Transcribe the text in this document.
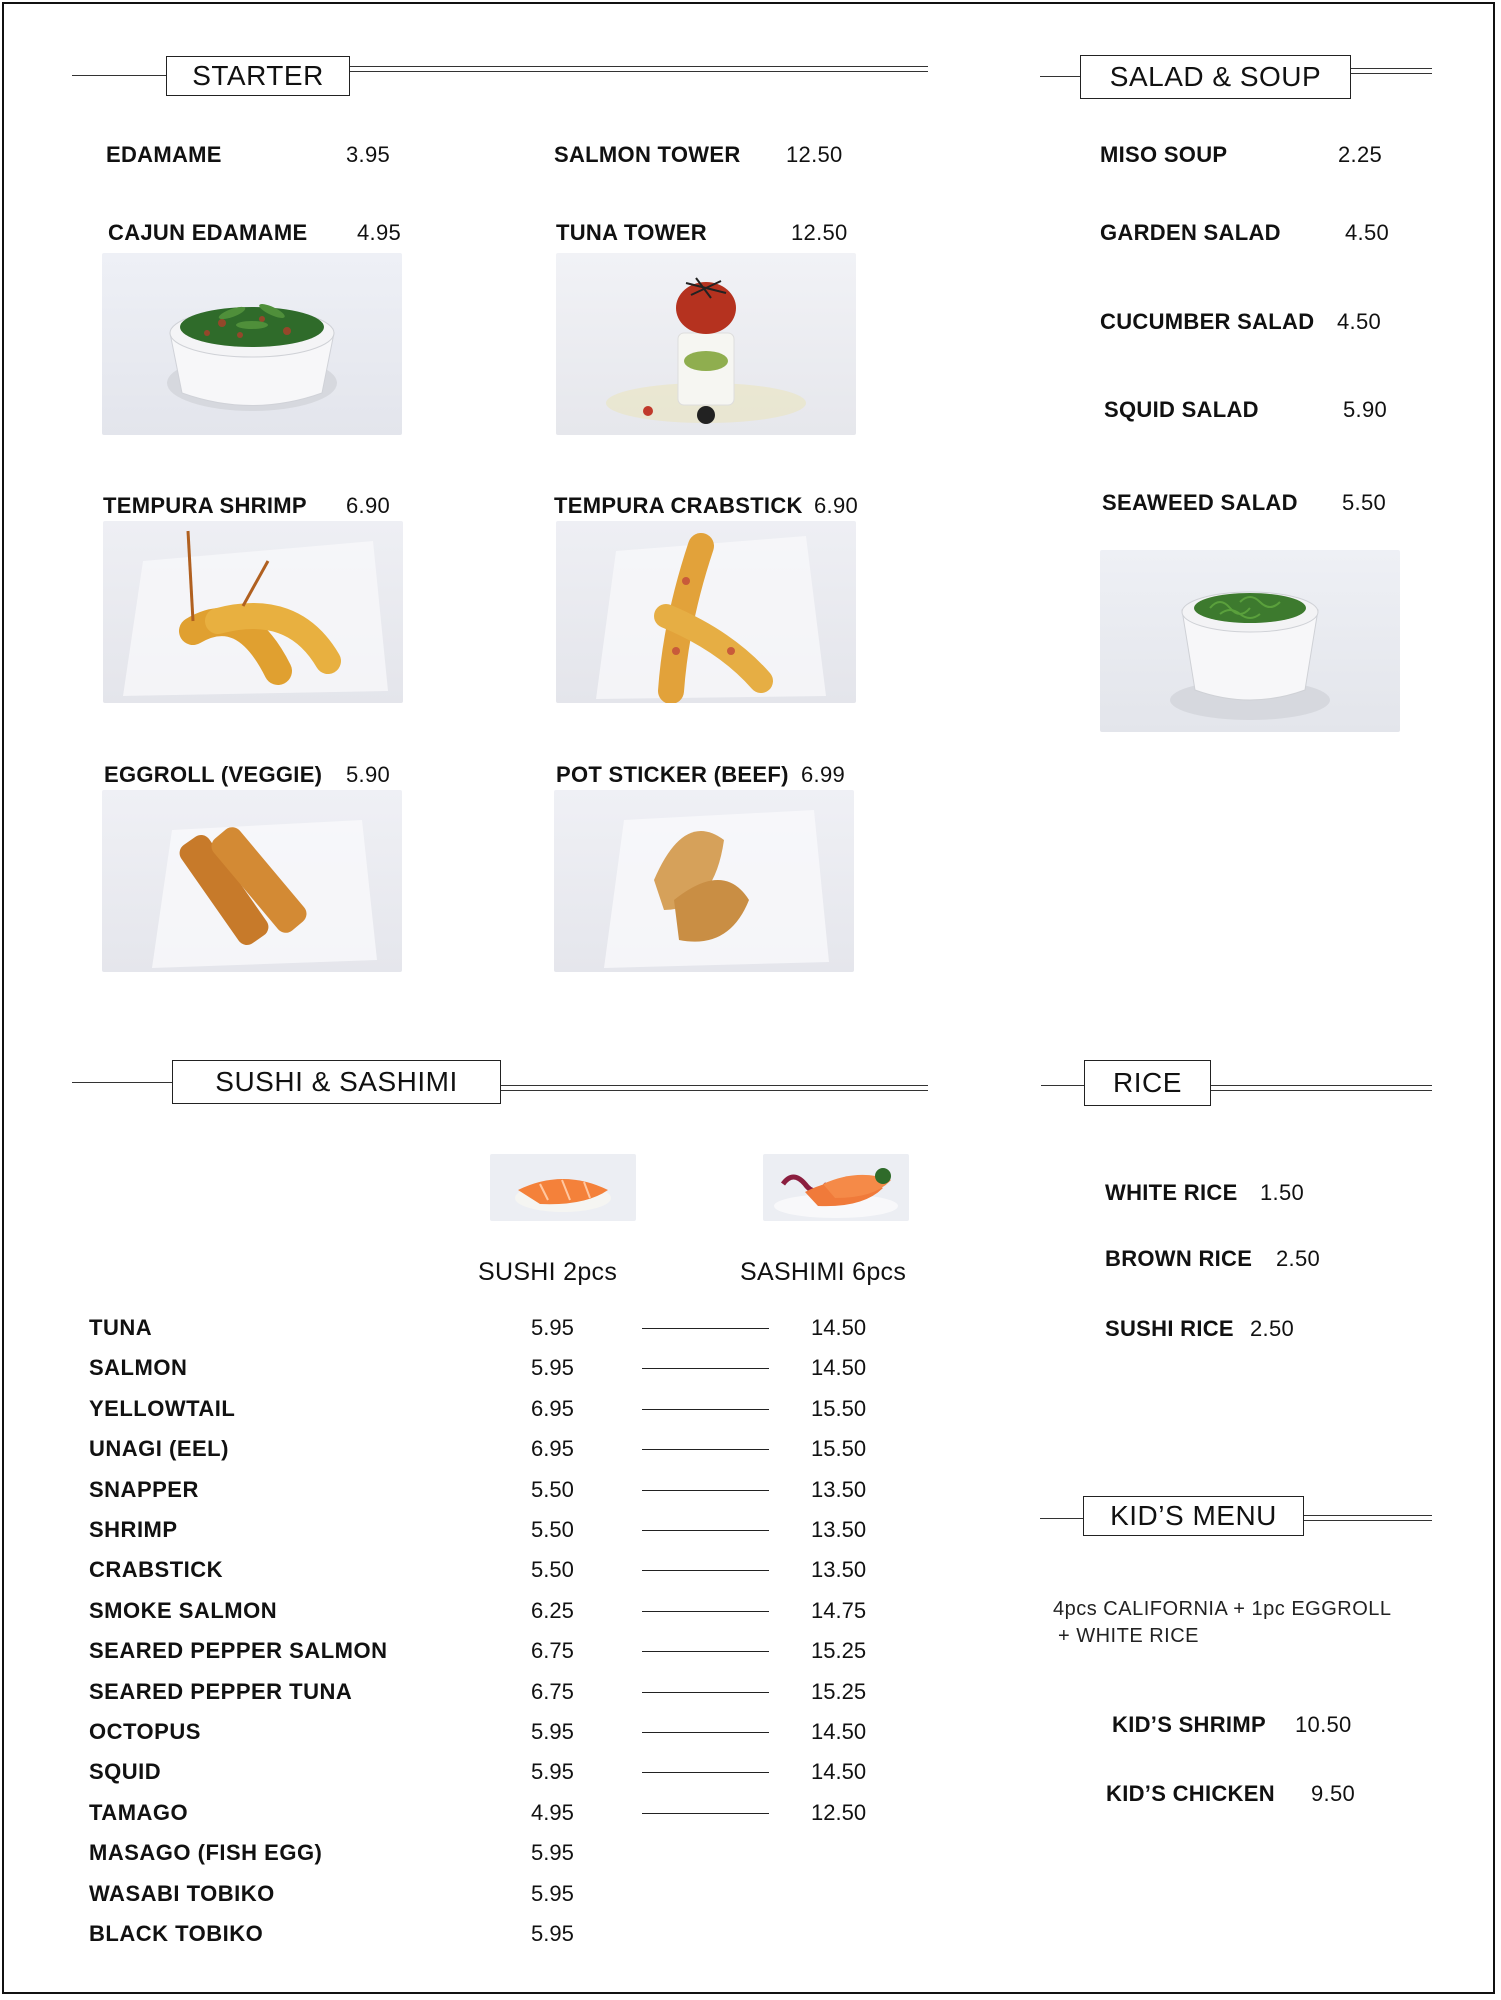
STARTER	SALAD & SOUP
EDAMAME	3.95	SALMON TOWER 12.50
CAJUN EDAMAME 4.95	TUNA TOWER	12.50
TEMPURA SHRIMP 6.90	TEMPURA CRABSTICK 6.90
EGGROLL (VEGGIE) 5.90	POT STICKER (BEEF) 6.99
MISO SOUP	2.25
GARDEN SALAD	4.50
CUCUMBER SALAD 4.50
SQUID SALAD	5.90
SEAWEED SALAD 5.50
SUSHI & SASHIMI
SUSHI 2pcs	SASHIMI 6pcs
TUNA	5.95	14.50
SALMON	5.95	14.50
YELLOWTAIL	6.95	15.50
UNAGI (EEL)	6.95	15.50
SNAPPER	5.50	13.50
SHRIMP	5.50	13.50
CRABSTICK	5.50	13.50
SMOKE SALMON	6.25	14.75
SEARED PEPPER SALMON	6.75	15.25
SEARED PEPPER TUNA	6.75	15.25
OCTOPUS	5.95	14.50
SQUID	5.95	14.50
TAMAGO	4.95	12.50
MASAGO (FISH EGG)	5.95
WASABI TOBIKO	5.95
BLACK TOBIKO	5.95
RICE
WHITE RICE 1.50
BROWN RICE 2.50
SUSHI RICE 2.50
KID’S MENU
4pcs CALIFORNIA + 1pc EGGROLL
+ WHITE RICE
KID’S SHRIMP 10.50
KID’S CHICKEN 9.50
